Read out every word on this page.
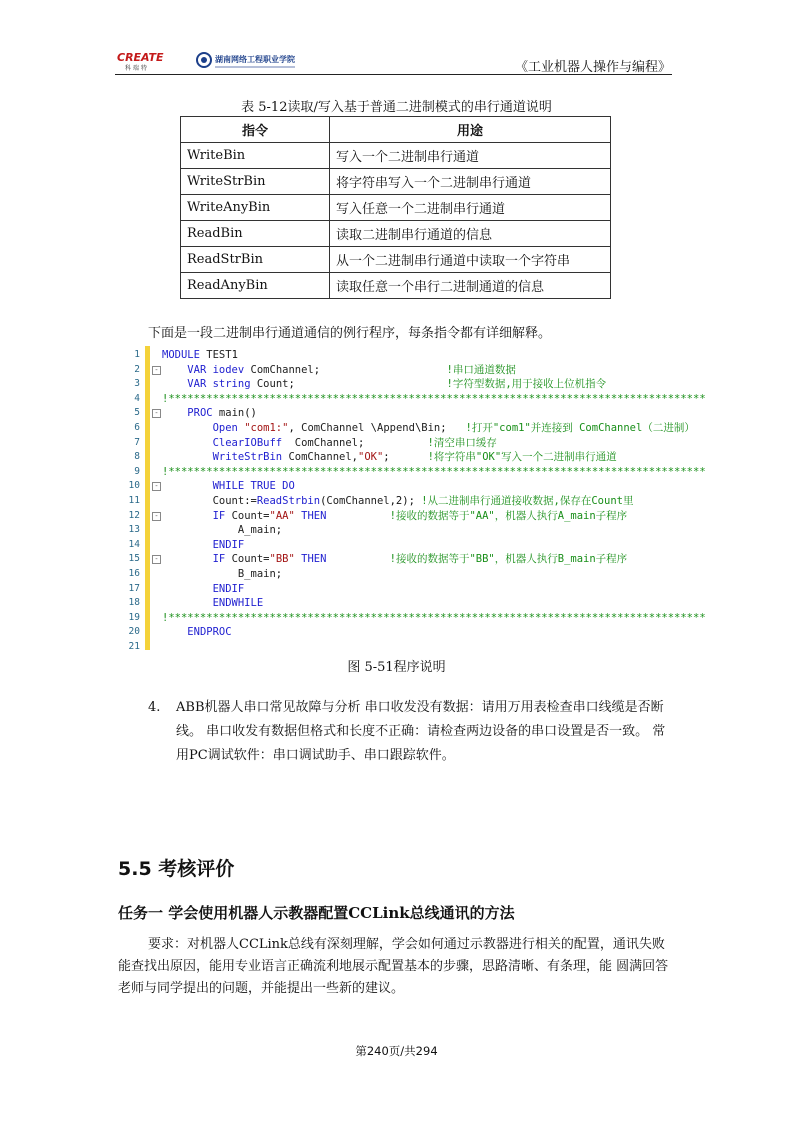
CREATE
科 瑞 特
湖南网络工程职业学院
《工业机器人操作与编程》
表 5-12读取/写入基于普通二进制模式的串行通道说明
指令	用途
WriteBin	写入一个二进制串行通道
WriteStrBin	将字符串写入一个二进制串行通道
WriteAnyBin	写入任意一个二进制串行通道
ReadBin	读取二进制串行通道的信息
ReadStrBin	从一个二进制串行通道中读取一个字符串
ReadAnyBin	读取任意一个串行二进制通道的信息
下面是一段二进制串行通道通信的例行程序，每条指令都有详细解释。
1 MODULE TEST1
2	-	VAR iodev ComChannel;                    !串口通道数据
3	VAR string Count;                        !字符型数据,用于接收上位机指令
4 !*************************************************************************************
5	-	PROC main()
6	Open "com1:", ComChannel \Append\Bin;   !打开"com1"并连接到 ComChannel（二进制）
7	ClearIOBuff ComChannel;          !清空串口缓存
8	WriteStrBin ComChannel,"OK";      !将字符串"OK"写入一个二进制串行通道
9 !*************************************************************************************
10	-	WHILE TRUE DO
11	Count:=ReadStrbin(ComChannel,2); !从二进制串行通道接收数据,保存在Count里
12	-	IF Count="AA" THEN	!接收的数据等于"AA"，机器人执行A_main子程序
13	A_main;
14	ENDIF
15	-	IF Count="BB" THEN	!接收的数据等于"BB"，机器人执行B_main子程序
16	B_main;
17	ENDIF
18	ENDWHILE
19 !*************************************************************************************
20	ENDPROC
21
图 5-51程序说明
4. ABB机器人串口常见故障与分析 串口收发没有数据：请用万用表检查串口线缆是否断线。 串口收发有数据但格式和长度不正确：请检查两边设备的串口设置是否一致。 常用PC调试软件：串口调试助手、串口跟踪软件。
5.5 考核评价
任务一 学会使用机器人示教器配置CCLink总线通讯的方法
要求：对机器人CCLink总线有深刻理解，学会如何通过示教器进行相关的配置，通讯失败能查找出原因，能用专业语言正确流利地展示配置基本的步骤，思路清晰、有条理，能 圆满回答老师与同学提出的问题，并能提出一些新的建议。
第240页/共294
